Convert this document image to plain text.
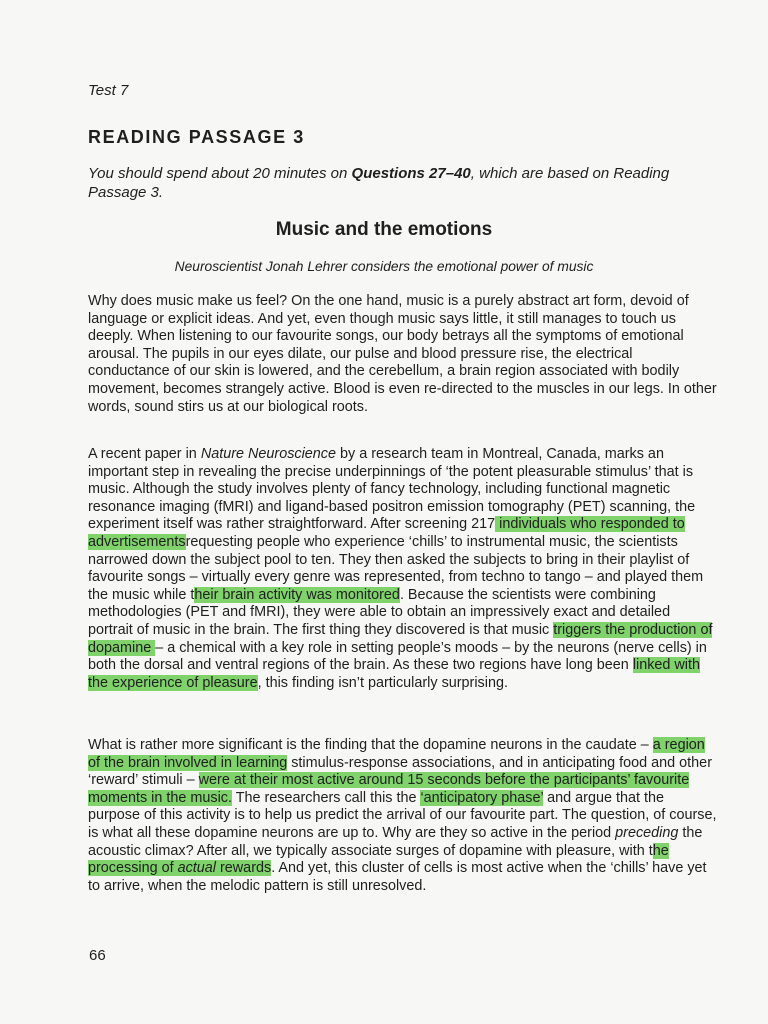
Test 7
READING PASSAGE 3
You should spend about 20 minutes on Questions 27–40, which are based on Reading Passage 3.
Music and the emotions
Neuroscientist Jonah Lehrer considers the emotional power of music
Why does music make us feel? On the one hand, music is a purely abstract art form, devoid of language or explicit ideas. And yet, even though music says little, it still manages to touch us deeply. When listening to our favourite songs, our body betrays all the symptoms of emotional arousal. The pupils in our eyes dilate, our pulse and blood pressure rise, the electrical conductance of our skin is lowered, and the cerebellum, a brain region associated with bodily movement, becomes strangely active. Blood is even re-directed to the muscles in our legs. In other words, sound stirs us at our biological roots.
A recent paper in Nature Neuroscience by a research team in Montreal, Canada, marks an important step in revealing the precise underpinnings of ‘the potent pleasurable stimulus’ that is music. Although the study involves plenty of fancy technology, including functional magnetic resonance imaging (fMRI) and ligand-based positron emission tomography (PET) scanning, the experiment itself was rather straightforward. After screening 217 individuals who responded to advertisementsrequesting people who experience ‘chills’ to instrumental music, the scientists narrowed down the subject pool to ten. They then asked the subjects to bring in their playlist of favourite songs – virtually every genre was represented, from techno to tango – and played them the music while their brain activity was monitored. Because the scientists were combining methodologies (PET and fMRI), they were able to obtain an impressively exact and detailed portrait of music in the brain. The first thing they discovered is that music triggers the production of dopamine – a chemical with a key role in setting people’s moods – by the neurons (nerve cells) in both the dorsal and ventral regions of the brain. As these two regions have long been linked with the experience of pleasure, this finding isn’t particularly surprising.
What is rather more significant is the finding that the dopamine neurons in the caudate – a region of the brain involved in learning stimulus-response associations, and in anticipating food and other ‘reward’ stimuli – were at their most active around 15 seconds before the participants’ favourite moments in the music. The researchers call this the ‘anticipatory phase’ and argue that the purpose of this activity is to help us predict the arrival of our favourite part. The question, of course, is what all these dopamine neurons are up to. Why are they so active in the period preceding the acoustic climax? After all, we typically associate surges of dopamine with pleasure, with the processing of actual rewards. And yet, this cluster of cells is most active when the ‘chills’ have yet to arrive, when the melodic pattern is still unresolved.
66
